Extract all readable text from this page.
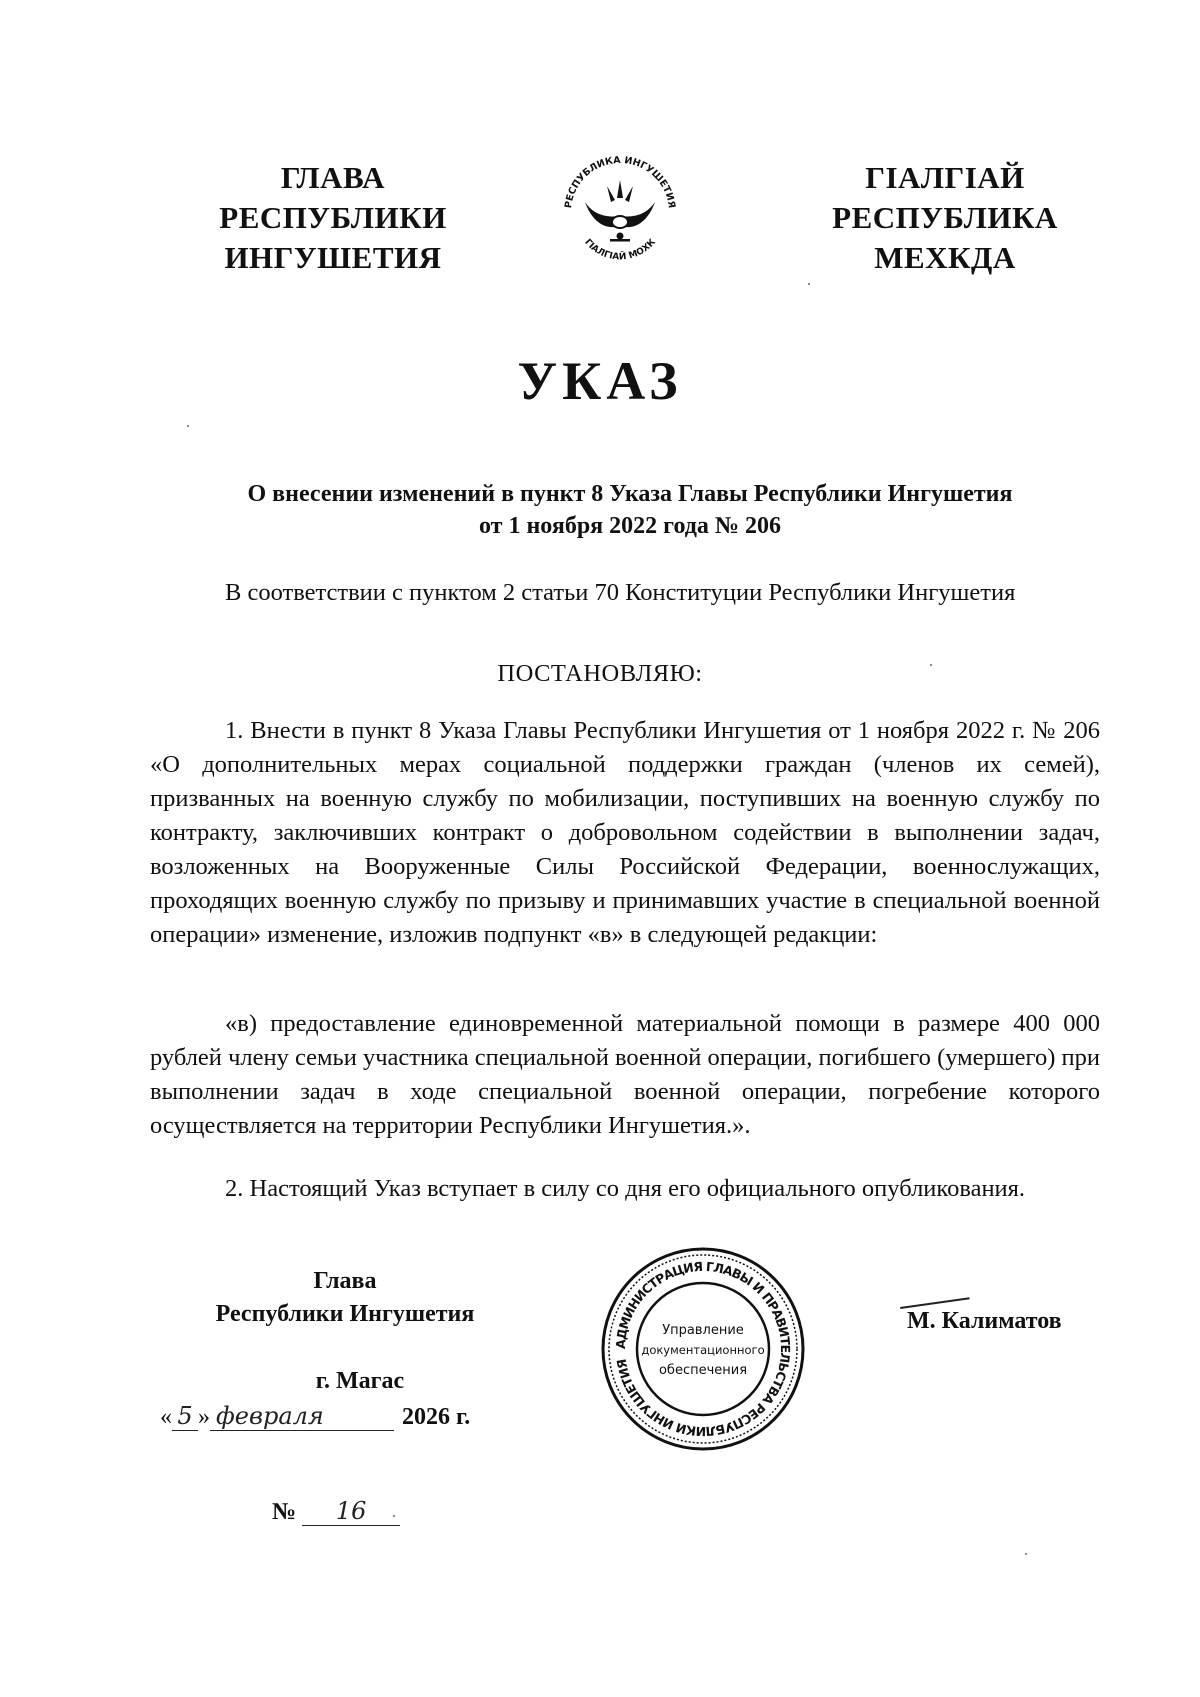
ГЛАВА
РЕСПУБЛИКИ
ИНГУШЕТИЯ
РЕСПУБЛИКА ИНГУШЕТИЯ
ГIАЛГIАЙ МОХК
ГIАЛГIАЙ
РЕСПУБЛИКА
МЕХКДА
УКАЗ
О внесении изменений в пункт 8 Указа Главы Республики Ингушетия
от 1 ноября 2022 года № 206
В соответствии с пунктом 2 статьи 70 Конституции Республики Ингушетия
ПОСТАНОВЛЯЮ:
1. Внести в пункт 8 Указа Главы Республики Ингушетия от 1 ноября 2022 г. № 206 «О дополнительных мерах социальной поддержки граждан (членов их семей), призванных на военную службу по мобилизации, поступивших на военную службу по контракту, заключивших контракт о добровольном содействии в выполнении задач, возложенных на Вооруженные Силы Российской Федерации, военнослужащих, проходящих военную службу по призыву и принимавших участие в специальной военной операции» изменение, изложив подпункт «в» в следующей редакции:
«в) предоставление единовременной материальной помощи в размере 400 000 рублей члену семьи участника специальной военной операции, погибшего (умершего) при выполнении задач в ходе специальной военной операции, погребение которого осуществляется на территории Республики Ингушетия.».
2. Настоящий Указ вступает в силу со дня его официального опубликования.
Глава
Республики Ингушетия
АДМИНИСТРАЦИЯ ГЛАВЫ И ПРАВИТЕЛЬСТВА РЕСПУБЛИКИ ИНГУШЕТИЯ
Управление
документационного
обеспечения
М. Калиматов
г. Магас
« 5 » февраля	2026 г.
№ 16
